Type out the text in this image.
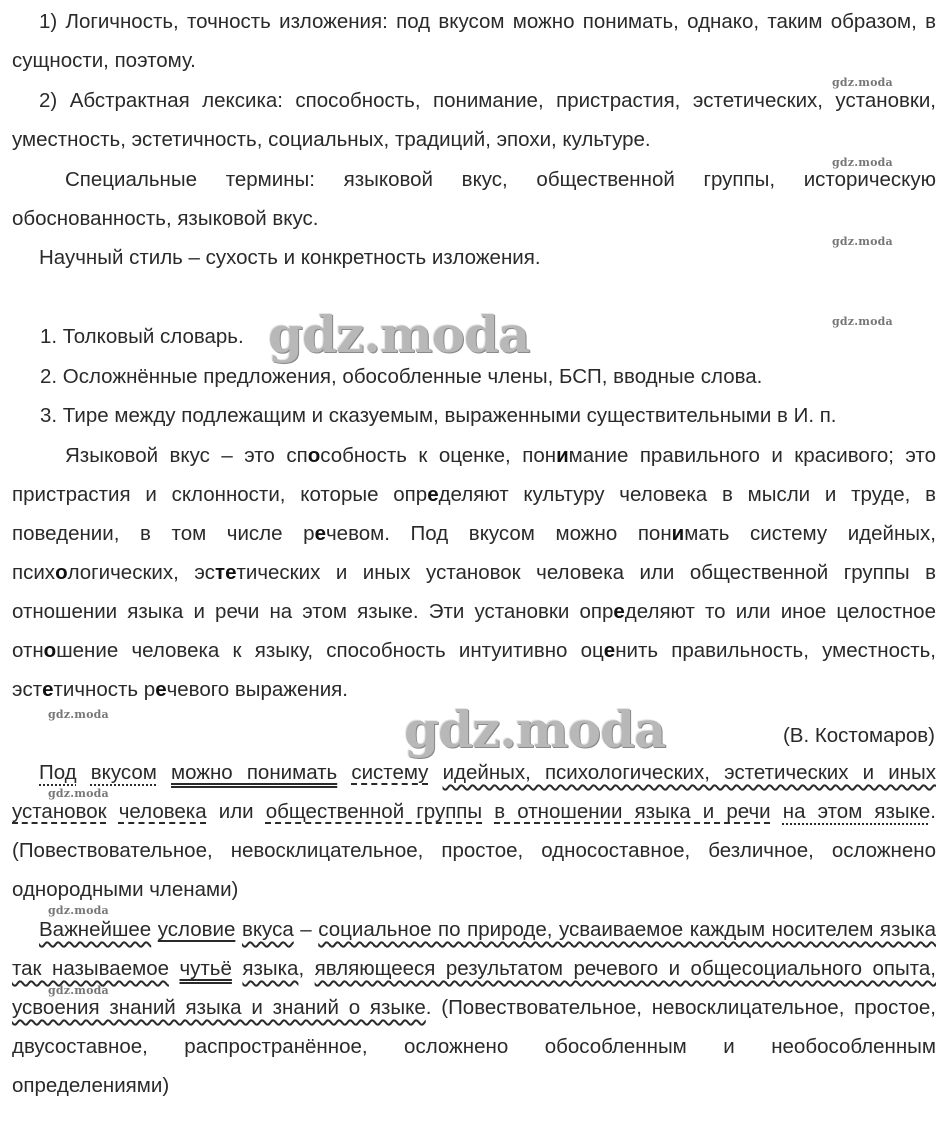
1) Логичность, точность изложения: под вкусом можно понимать, однако, таким образом, в сущности, поэтому.

2) Абстрактная лексика: способность, понимание, пристрастия, эстетических, установки, уместность, эстетичность, социальных, традиций, эпохи, культуре.

Специальные термины: языковой вкус, общественной группы, историческую обоснованность, языковой вкус.

Научный стиль – сухость и конкретность изложения.

1. Толковый словарь.
2. Осложнённые предложения, обособленные члены, БСП, вводные слова.
3. Тире между подлежащим и сказуемым, выраженными существительными в И. п.

Языковой вкус – это способность к оценке, понимание правильного и красивого; это пристрастия и склонности, которые определяют культуру человека в мысли и труде, в поведении, в том числе речевом. Под вкусом можно понимать систему идейных, психологических, эстетических и иных установок человека или общественной группы в отношении языка и речи на этом языке. Эти установки определяют то или иное целостное отношение человека к языку, способность интуитивно оценить правильность, уместность, эстетичность речевого выражения.

(В. Костомаров)

Под вкусом можно понимать систему идейных, психологических, эстетических и иных установок человека или общественной группы в отношении языка и речи на этом языке. (Повествовательное, невосклицательное, простое, односоставное, безличное, осложнено однородными членами)

Важнейшее условие вкуса – социальное по природе, усваиваемое каждым носителем языка так называемое чутьё языка, являющееся результатом речевого и общесоциального опыта, усвоения знаний языка и знаний о языке. (Повествовательное, невосклицательное, простое, двусоставное, распространённое, осложнено обособленным и необособленным определениями)

gdz.moda
gdz.moda
gdz.moda
gdz.moda
gdz.moda
gdz.moda
gdz.moda
gdz.moda
gdz.moda
gdz.moda
